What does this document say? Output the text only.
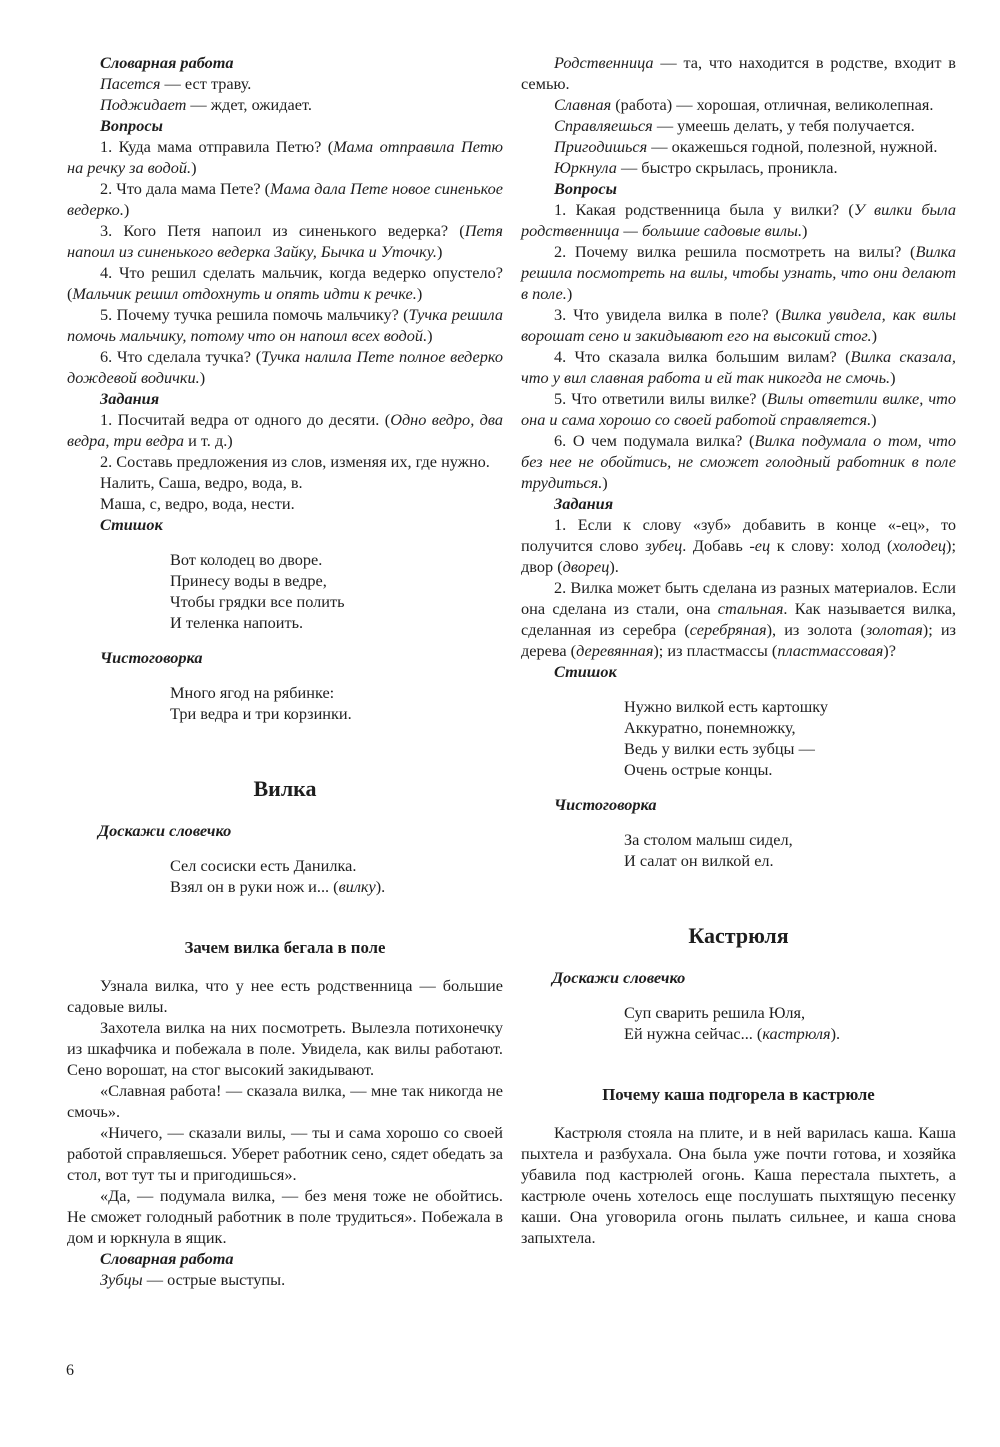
Словарная работа

Пасется — ест траву.

Поджидает — ждет, ожидает.

Вопросы

1. Куда мама отправила Петю? (Мама отправила Петю на речку за водой.)

2. Что дала мама Пете? (Мама дала Пете новое синенькое ведерко.)

3. Кого Петя напоил из синенького ведерка? (Петя напоил из синенького ведерка Зайку, Бычка и Уточку.)

4. Что решил сделать мальчик, когда ведерко опустело? (Мальчик решил отдохнуть и опять идти к речке.)

5. Почему тучка решила помочь мальчику? (Тучка решила помочь мальчику, потому что он напоил всех водой.)

6. Что сделала тучка? (Тучка налила Пете полное ведерко дождевой водички.)

Задания

1. Посчитай ведра от одного до десяти. (Одно ведро, два ведра, три ведра и т. д.)

2. Составь предложения из слов, изменяя их, где нужно.

Налить, Саша, ведро, вода, в.

Маша, с, ведро, вода, нести.

Стишок

Вот колодец во дворе.

Принесу воды в ведре,

Чтобы грядки все полить

И теленка напоить.

Чистоговорка

Много ягод на рябинке:

Три ведра и три корзинки.

Вилка

Доскажи словечко

Сел сосиски есть Данилка.

Взял он в руки нож и... (вилку).

Зачем вилка бегала в поле

Узнала вилка, что у нее есть родственница — большие садовые вилы.

Захотела вилка на них посмотреть. Вылезла потихонечку из шкафчика и побежала в поле. Увидела, как вилы работают. Сено ворошат, на стог высокий закидывают.

«Славная работа! — сказала вилка, — мне так никогда не смочь».

«Ничего, — сказали вилы, — ты и сама хорошо со своей работой справляешься. Уберет работник сено, сядет обедать за стол, вот тут ты и пригодишься».

«Да, — подумала вилка, — без меня тоже не обойтись. Не сможет голодный работник в поле трудиться». Побежала в дом и юркнула в ящик.

Словарная работа

Зубцы — острые выступы.

Родственница — та, что находится в родстве, входит в семью.

Славная (работа) — хорошая, отличная, великолепная.

Справляешься — умеешь делать, у тебя получается.

Пригодишься — окажешься годной, полезной, нужной.

Юркнула — быстро скрылась, проникла.

Вопросы

1. Какая родственница была у вилки? (У вилки была родственница — большие садовые вилы.)

2. Почему вилка решила посмотреть на вилы? (Вилка решила посмотреть на вилы, чтобы узнать, что они делают в поле.)

3. Что увидела вилка в поле? (Вилка увидела, как вилы ворошат сено и закидывают его на высокий стог.)

4. Что сказала вилка большим вилам? (Вилка сказала, что у вил славная работа и ей так никогда не смочь.)

5. Что ответили вилы вилке? (Вилы ответили вилке, что она и сама хорошо со своей работой справляется.)

6. О чем подумала вилка? (Вилка подумала о том, что без нее не обойтись, не сможет голодный работник в поле трудиться.)

Задания

1. Если к слову «зуб» добавить в конце «-ец», то получится слово зубец. Добавь -ец к слову: холод (холодец); двор (дворец).

2. Вилка может быть сделана из разных материалов. Если она сделана из стали, она стальная. Как называется вилка, сделанная из серебра (серебряная), из золота (золотая); из дерева (деревянная); из пластмассы (пластмассовая)?

Стишок

Нужно вилкой есть картошку

Аккуратно, понемножку,

Ведь у вилки есть зубцы —

Очень острые концы.

Чистоговорка

За столом малыш сидел,

И салат он вилкой ел.

Кастрюля

Доскажи словечко

Суп сварить решила Юля,

Ей нужна сейчас... (кастрюля).

Почему каша подгорела в кастрюле

Кастрюля стояла на плите, и в ней варилась каша. Каша пыхтела и разбухала. Она была уже почти готова, и хозяйка убавила под кастрюлей огонь. Каша перестала пыхтеть, а кастрюле очень хотелось еще послушать пыхтящую песенку каши. Она уговорила огонь пылать сильнее, и каша снова запыхтела.

6
